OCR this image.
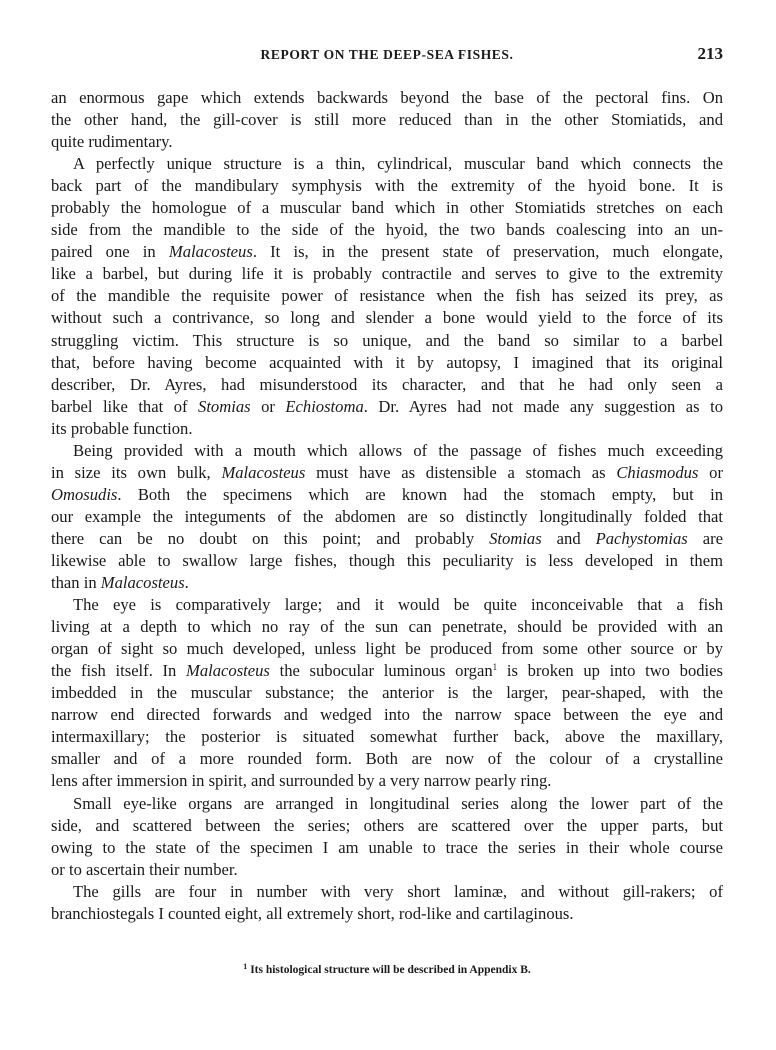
REPORT ON THE DEEP-SEA FISHES.	213
an enormous gape which extends backwards beyond the base of the pectoral fins. On
the other hand, the gill-cover is still more reduced than in the other Stomiatids, and
quite rudimentary.
A perfectly unique structure is a thin, cylindrical, muscular band which connects the
back part of the mandibulary symphysis with the extremity of the hyoid bone. It is
probably the homologue of a muscular band which in other Stomiatids stretches on each
side from the mandible to the side of the hyoid, the two bands coalescing into an un-
paired one in Malacosteus. It is, in the present state of preservation, much elongate,
like a barbel, but during life it is probably contractile and serves to give to the extremity
of the mandible the requisite power of resistance when the fish has seized its prey, as
without such a contrivance, so long and slender a bone would yield to the force of its
struggling victim. This structure is so unique, and the band so similar to a barbel
that, before having become acquainted with it by autopsy, I imagined that its original
describer, Dr. Ayres, had misunderstood its character, and that he had only seen a
barbel like that of Stomias or Echiostoma. Dr. Ayres had not made any suggestion as to
its probable function.
Being provided with a mouth which allows of the passage of fishes much exceeding
in size its own bulk, Malacosteus must have as distensible a stomach as Chiasmodus or
Omosudis. Both the specimens which are known had the stomach empty, but in
our example the integuments of the abdomen are so distinctly longitudinally folded that
there can be no doubt on this point; and probably Stomias and Pachystomias are
likewise able to swallow large fishes, though this peculiarity is less developed in them
than in Malacosteus.
The eye is comparatively large; and it would be quite inconceivable that a fish
living at a depth to which no ray of the sun can penetrate, should be provided with an
organ of sight so much developed, unless light be produced from some other source or by
the fish itself. In Malacosteus the subocular luminous organ$^1$ is broken up into two bodies
imbedded in the muscular substance; the anterior is the larger, pear-shaped, with the
narrow end directed forwards and wedged into the narrow space between the eye and
intermaxillary; the posterior is situated somewhat further back, above the maxillary,
smaller and of a more rounded form. Both are now of the colour of a crystalline
lens after immersion in spirit, and surrounded by a very narrow pearly ring.
Small eye-like organs are arranged in longitudinal series along the lower part of the
side, and scattered between the series; others are scattered over the upper parts, but
owing to the state of the specimen I am unable to trace the series in their whole course
or to ascertain their number.
The gills are four in number with very short laminæ, and without gill-rakers; of
branchiostegals I counted eight, all extremely short, rod-like and cartilaginous.
$^1$ Its histological structure will be described in Appendix B.
